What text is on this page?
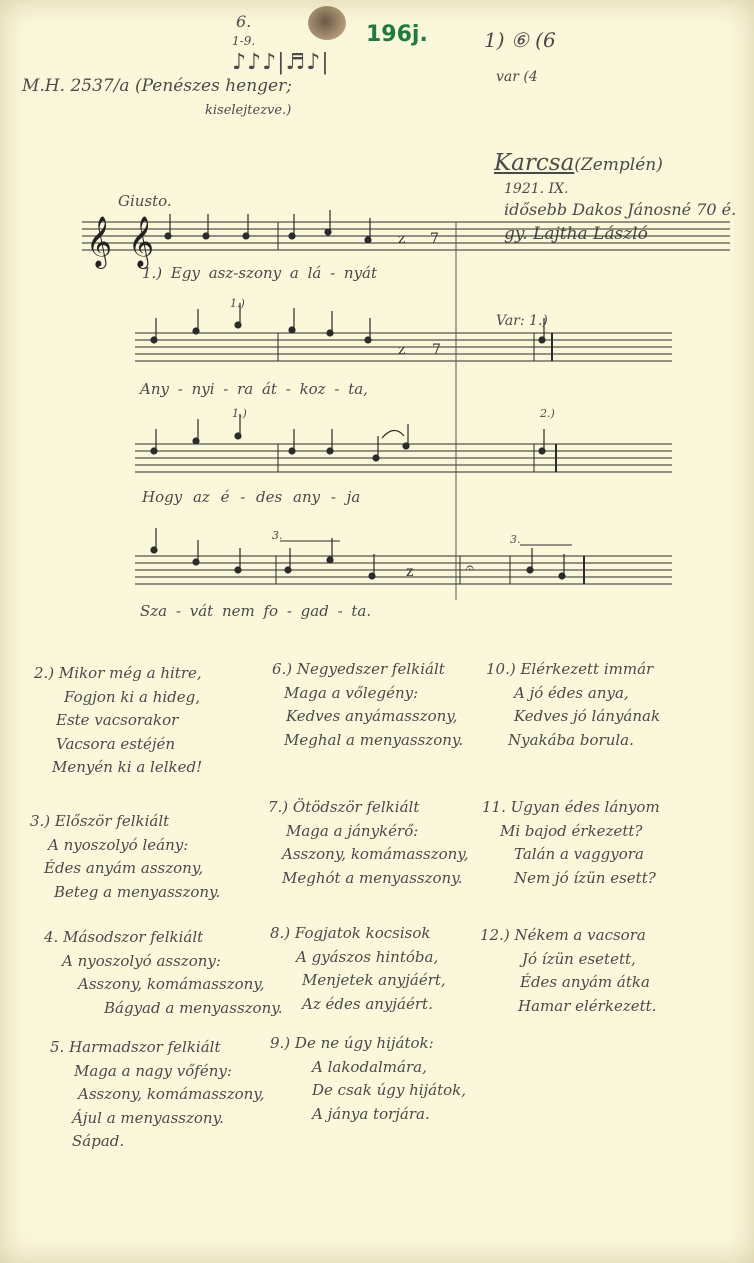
6.
1-9.
♪♪♪|♬♪|
196j.	1) ⑥ (6
var (4
M.H. 2537/a (Penészes henger;
kiselejtezve.)
Karcsa(Zemplén)
1921. IX.
idősebb Dakos Jánosné 70 é.
gy. Lajtha László
Giusto.
𝄞 𝄞	z 7
z 7
z	𝄐
1.)
Var: 1.)
1.)	2.)
3.	3.
1.) Egy asz-szony a lá - nyát
Any - nyi - ra át - koz - ta,
Hogy az é - des any - ja
Sza - vát nem fo - gad - ta.
2.) Mikor még a hitre,
Fogjon ki a hideg,
Este vacsorakor
Vacsora estéjén
Menyén ki a lelked!
3.) Először felkiált
A nyoszolyó leány:
Édes anyám asszony,
Beteg a menyasszony.
4. Másodszor felkiált
A nyoszolyó asszony:
Asszony, komámasszony,
Bágyad a menyasszony.
5. Harmadszor felkiált
Maga a nagy vőfény:
Asszony, komámasszony,
Ájul a menyasszony.
Sápad.
6.) Negyedszer felkiált
Maga a vőlegény:
Kedves anyámasszony,
Meghal a menyasszony.
7.) Ötödször felkiált
Maga a jánykérő:
Asszony, komámasszony,
Meghót a menyasszony.
8.) Fogjatok kocsisok
A gyászos hintóba,
Menjetek anyjáért,
Az édes anyjáért.
9.) De ne úgy hijátok:
A lakodalmára,
De csak úgy hijátok,
A jánya torjára.
10.) Elérkezett immár
A jó édes anya,
Kedves jó lányának
Nyakába borula.
11. Ugyan édes lányom
Mi bajod érkezett?
Talán a vaggyora
Nem jó ízün esett?
12.) Nékem a vacsora
Jó ízün esetett,
Édes anyám átka
Hamar elérkezett.
